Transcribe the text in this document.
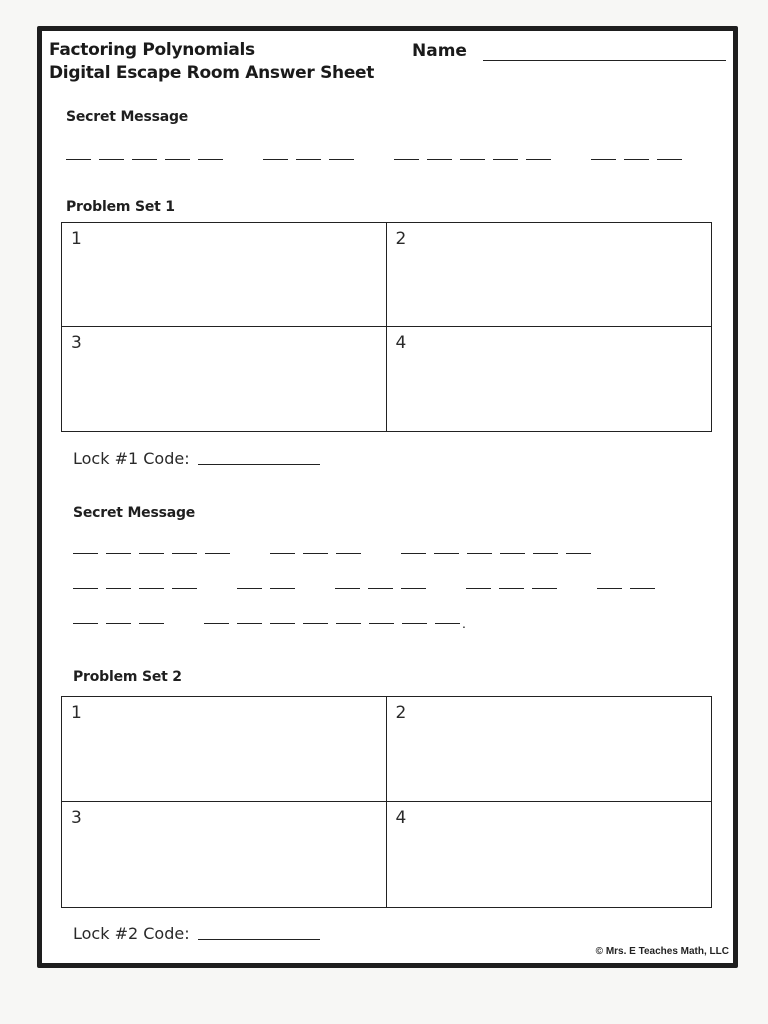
Factoring Polynomials
Digital Escape Room Answer Sheet
Name
Secret Message
Problem Set 1
1	2
3	4
Lock #1 Code:
Secret Message
.
Problem Set 2
1	2
3	4
Lock #2 Code:
© Mrs. E Teaches Math, LLC
